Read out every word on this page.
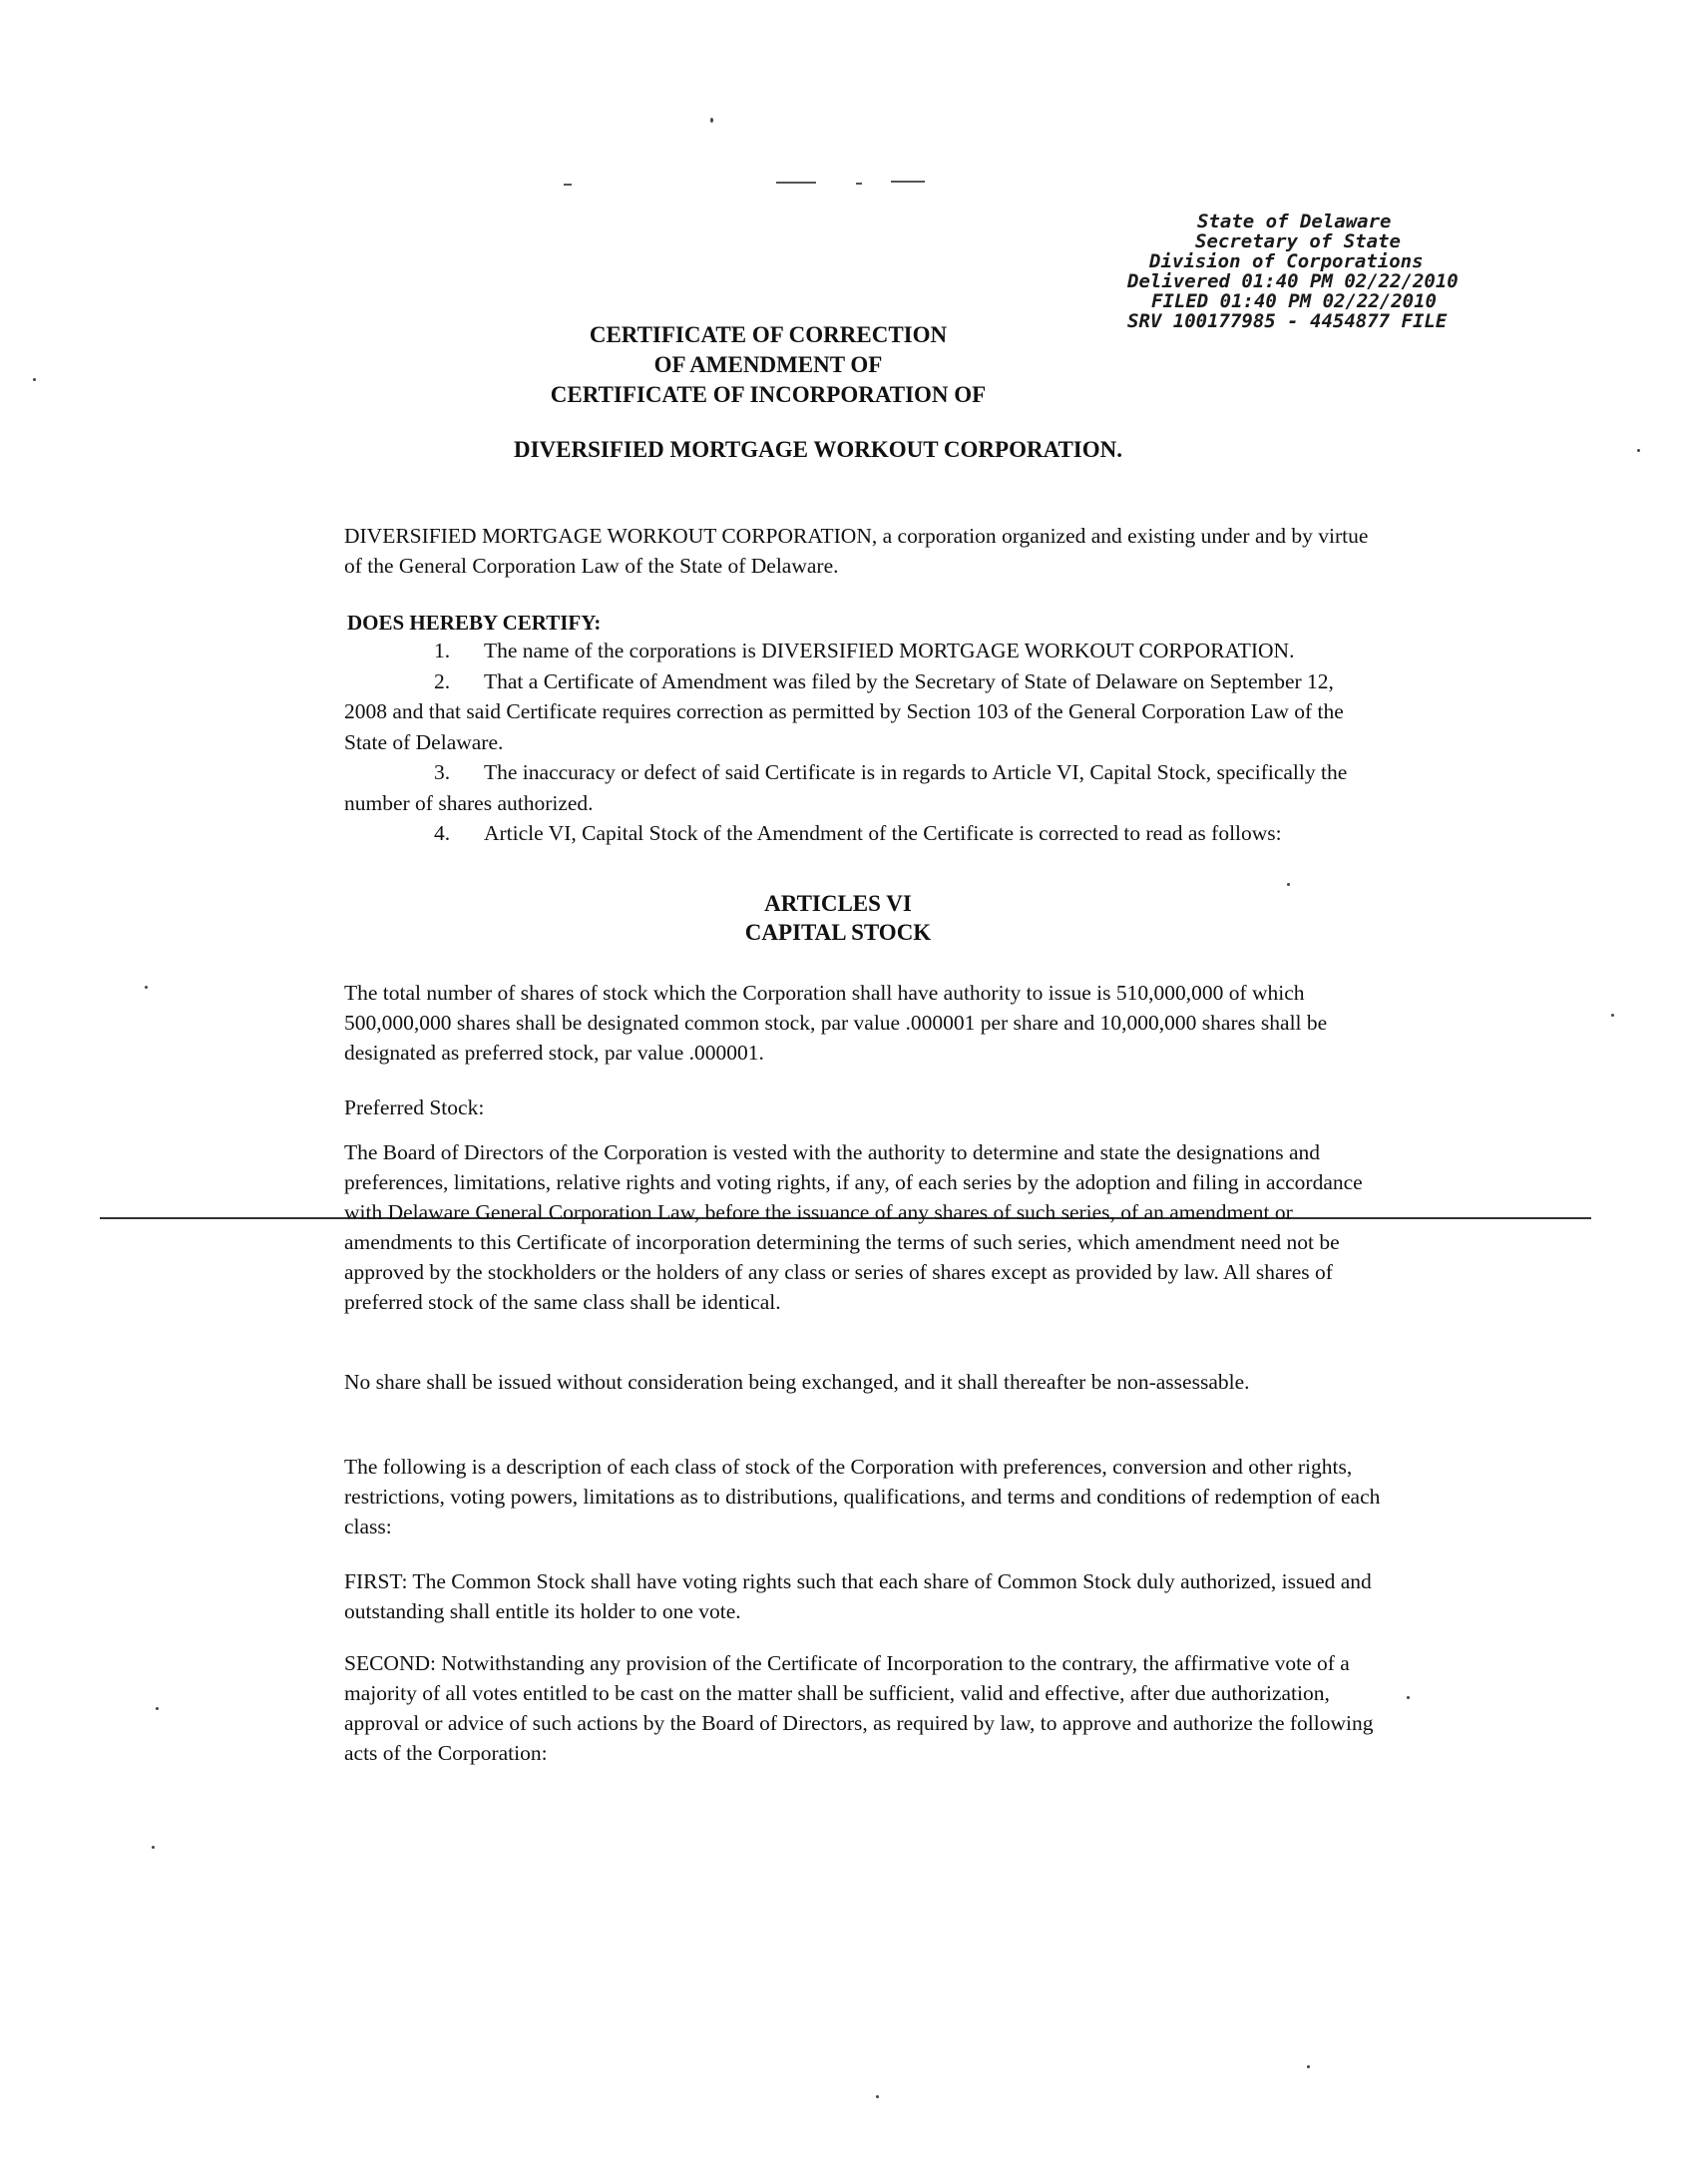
State of Delaware
Secretary of State
Division of Corporations
Delivered 01:40 PM 02/22/2010
FILED 01:40 PM 02/22/2010
SRV 100177985 - 4454877 FILE
CERTIFICATE OF CORRECTION
OF AMENDMENT OF
CERTIFICATE OF INCORPORATION OF
DIVERSIFIED MORTGAGE WORKOUT CORPORATION.
DIVERSIFIED MORTGAGE WORKOUT CORPORATION, a corporation organized and existing under and by virtue of the General Corporation Law of the State of Delaware.
DOES HEREBY CERTIFY:

1. The name of the corporations is DIVERSIFIED MORTGAGE WORKOUT CORPORATION.

2. That a Certificate of Amendment was filed by the Secretary of State of Delaware on September 12, 2008 and that said Certificate requires correction as permitted by Section 103 of the General Corporation Law of the State of Delaware.

3. The inaccuracy or defect of said Certificate is in regards to Article VI, Capital Stock, specifically the number of shares authorized.

4. Article VI, Capital Stock of the Amendment of the Certificate is corrected to read as follows:

ARTICLES VI
CAPITAL STOCK
The total number of shares of stock which the Corporation shall have authority to issue is 510,000,000 of which 500,000,000 shares shall be designated common stock, par value .000001 per share and 10,000,000 shares shall be designated as preferred stock, par value .000001.
Preferred Stock:
The Board of Directors of the Corporation is vested with the authority to determine and state the designations and preferences, limitations, relative rights and voting rights, if any, of each series by the adoption and filing in accordance with Delaware General Corporation Law, before the issuance of any shares of such series, of an amendment or amendments to this Certificate of incorporation determining the terms of such series, which amendment need not be approved by the stockholders or the holders of any class or series of shares except as provided by law. All shares of preferred stock of the same class shall be identical.
No share shall be issued without consideration being exchanged, and it shall thereafter be non-assessable.
The following is a description of each class of stock of the Corporation with preferences, conversion and other rights, restrictions, voting powers, limitations as to distributions, qualifications, and terms and conditions of redemption of each class:
FIRST: The Common Stock shall have voting rights such that each share of Common Stock duly authorized, issued and outstanding shall entitle its holder to one vote.
SECOND: Notwithstanding any provision of the Certificate of Incorporation to the contrary, the affirmative vote of a majority of all votes entitled to be cast on the matter shall be sufficient, valid and effective, after due authorization, approval or advice of such actions by the Board of Directors, as required by law, to approve and authorize the following acts of the Corporation:
